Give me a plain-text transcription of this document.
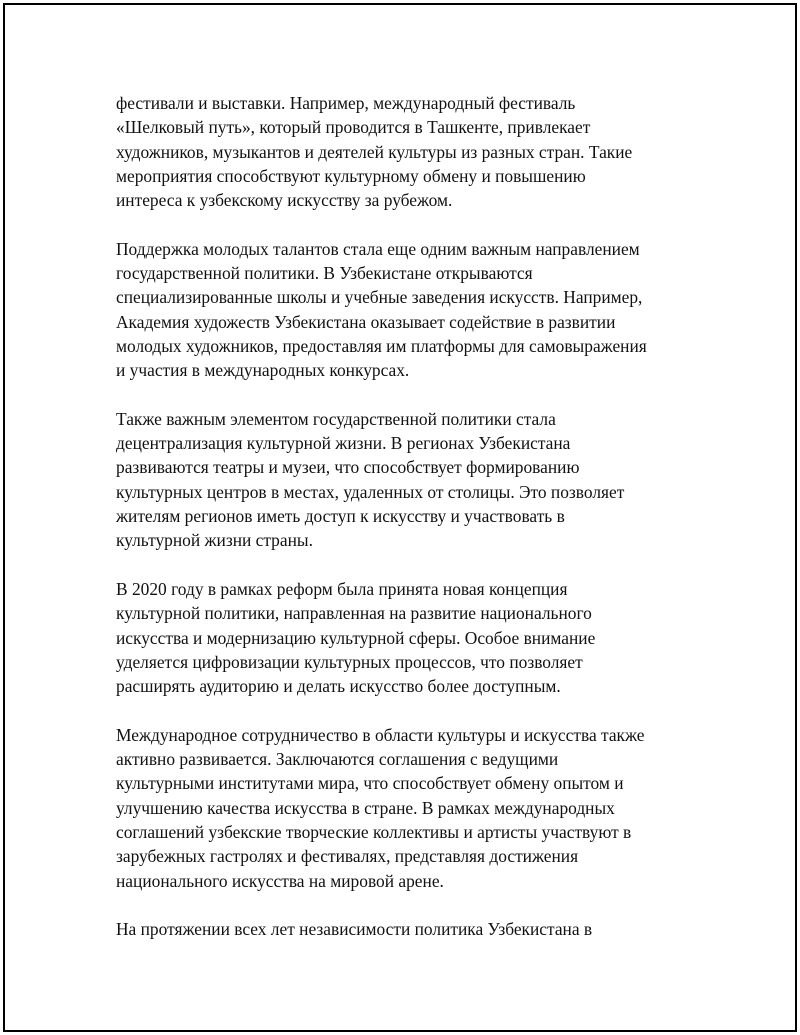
фестивали и выставки. Например, международный фестиваль
«Шелковый путь», который проводится в Ташкенте, привлекает
художников, музыкантов и деятелей культуры из разных стран. Такие
мероприятия способствуют культурному обмену и повышению
интереса к узбекскому искусству за рубежом.

Поддержка молодых талантов стала еще одним важным направлением
государственной политики. В Узбекистане открываются
специализированные школы и учебные заведения искусств. Например,
Академия художеств Узбекистана оказывает содействие в развитии
молодых художников, предоставляя им платформы для самовыражения
и участия в международных конкурсах.

Также важным элементом государственной политики стала
децентрализация культурной жизни. В регионах Узбекистана
развиваются театры и музеи, что способствует формированию
культурных центров в местах, удаленных от столицы. Это позволяет
жителям регионов иметь доступ к искусству и участвовать в
культурной жизни страны.

В 2020 году в рамках реформ была принята новая концепция
культурной политики, направленная на развитие национального
искусства и модернизацию культурной сферы. Особое внимание
уделяется цифровизации культурных процессов, что позволяет
расширять аудиторию и делать искусство более доступным.

Международное сотрудничество в области культуры и искусства также
активно развивается. Заключаются соглашения с ведущими
культурными институтами мира, что способствует обмену опытом и
улучшению качества искусства в стране. В рамках международных
соглашений узбекские творческие коллективы и артисты участвуют в
зарубежных гастролях и фестивалях, представляя достижения
национального искусства на мировой арене.

На протяжении всех лет независимости политика Узбекистана в
